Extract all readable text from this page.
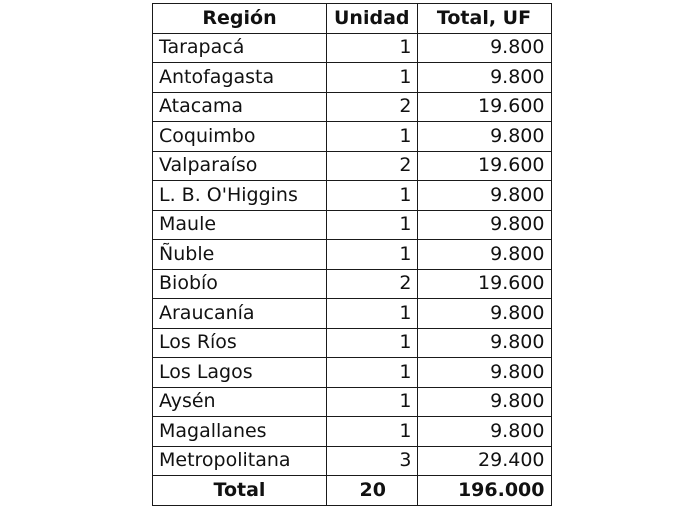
Región	Unidad	Total, UF
Tarapacá	1	9.800
Antofagasta	1	9.800
Atacama	2	19.600
Coquimbo	1	9.800
Valparaíso	2	19.600
L. B. O'Higgins	1	9.800
Maule	1	9.800
Ñuble	1	9.800
Biobío	2	19.600
Araucanía	1	9.800
Los Ríos	1	9.800
Los Lagos	1	9.800
Aysén	1	9.800
Magallanes	1	9.800
Metropolitana	3	29.400
Total	20	196.000
